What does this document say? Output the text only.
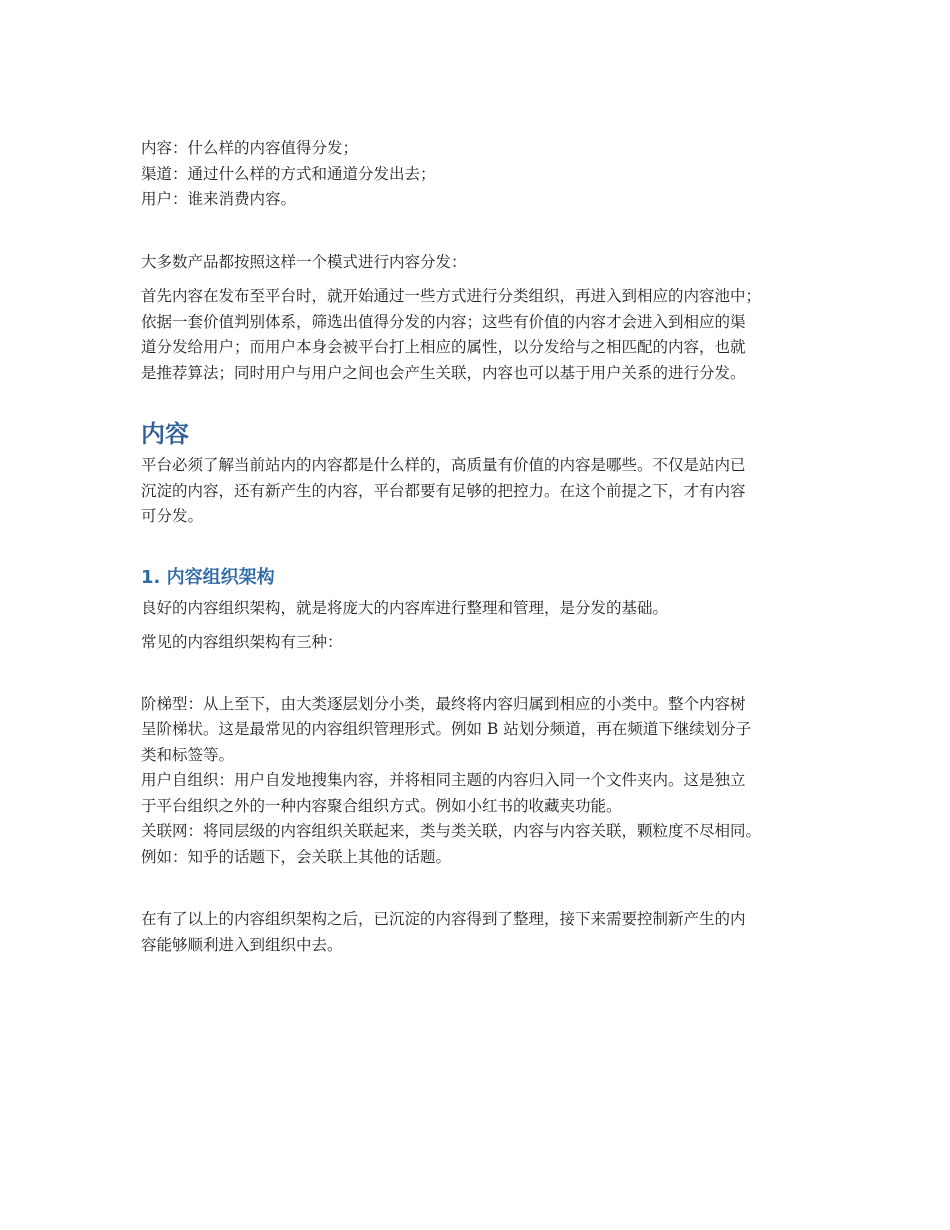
内容：什么样的内容值得分发；
渠道：通过什么样的方式和通道分发出去；
用户：谁来消费内容。
大多数产品都按照这样一个模式进行内容分发：
首先内容在发布至平台时，就开始通过一些方式进行分类组织，再进入到相应的内容池中；
依据一套价值判别体系，筛选出值得分发的内容；这些有价值的内容才会进入到相应的渠
道分发给用户；而用户本身会被平台打上相应的属性，以分发给与之相匹配的内容，也就
是推荐算法；同时用户与用户之间也会产生关联，内容也可以基于用户关系的进行分发。
内容
平台必须了解当前站内的内容都是什么样的，高质量有价值的内容是哪些。不仅是站内已
沉淀的内容，还有新产生的内容，平台都要有足够的把控力。在这个前提之下，才有内容
可分发。
1. 内容组织架构
良好的内容组织架构，就是将庞大的内容库进行整理和管理，是分发的基础。
常见的内容组织架构有三种：
阶梯型：从上至下，由大类逐层划分小类，最终将内容归属到相应的小类中。整个内容树
呈阶梯状。这是最常见的内容组织管理形式。例如 B 站划分频道，再在频道下继续划分子
类和标签等。
用户自组织：用户自发地搜集内容，并将相同主题的内容归入同一个文件夹内。这是独立
于平台组织之外的一种内容聚合组织方式。例如小红书的收藏夹功能。
关联网：将同层级的内容组织关联起来，类与类关联，内容与内容关联，颗粒度不尽相同。
例如：知乎的话题下，会关联上其他的话题。
在有了以上的内容组织架构之后，已沉淀的内容得到了整理，接下来需要控制新产生的内
容能够顺利进入到组织中去。
